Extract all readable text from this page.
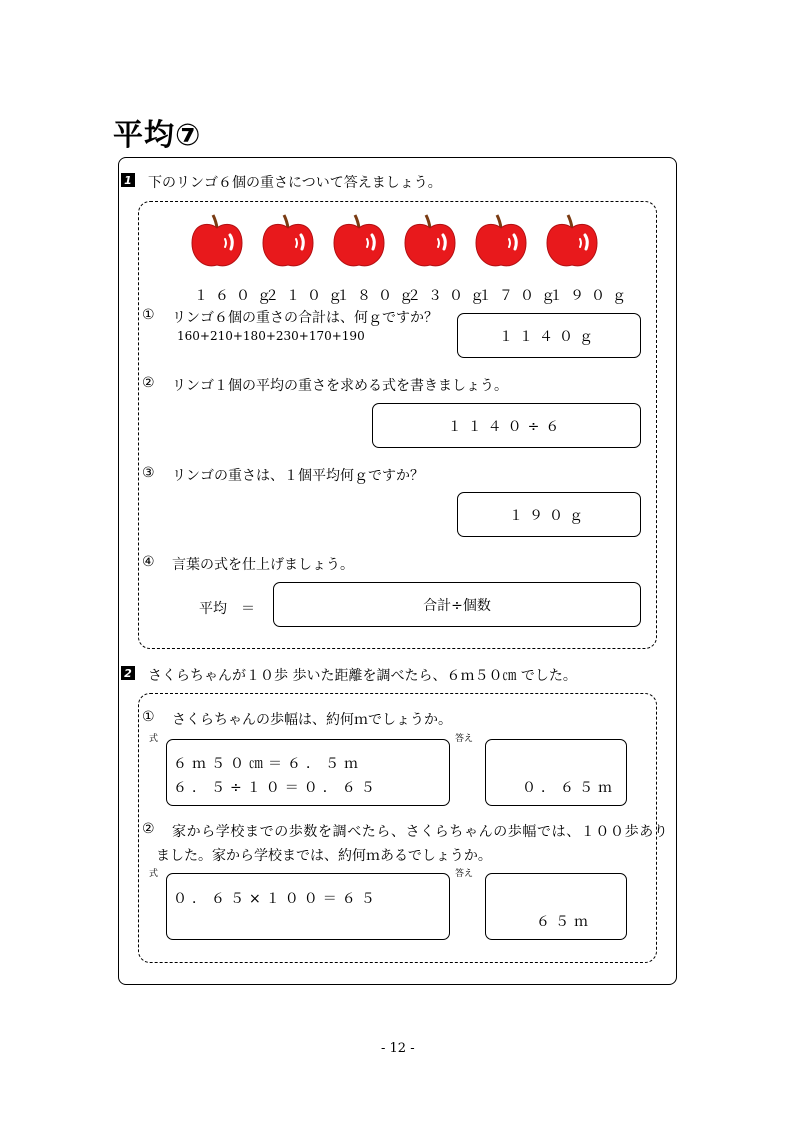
平均⑦
1 下のリンゴ６個の重さについて答えましょう。
１６０ｇ
２１０ｇ
１８０ｇ
２３０ｇ
１７０ｇ
１９０ｇ
① リンゴ６個の重さの合計は、何ｇですか？
160+210+180+230+170+190	１１４０ｇ
② リンゴ１個の平均の重さを求める式を書きましょう。
１１４０÷６
③ リンゴの重さは、１個平均何ｇですか？
１９０ｇ
④ 言葉の式を仕上げましょう。
平均　＝	合計÷個数
2 さくらちゃんが１０歩 歩いた距離を調べたら、６ｍ５０㎝ でした。
① さくらちゃんの歩幅は、約何ｍでしょうか。
式	答え
６ｍ５０㎝＝６．５ｍ
６．５÷１０＝０．６５	０．６５ｍ
② 家から学校までの歩数を調べたら、さくらちゃんの歩幅では、１００歩あり
ました。家から学校までは、約何ｍあるでしょうか。
式	答え
０．６５×１００＝６５
６５ｍ
- 12 -
